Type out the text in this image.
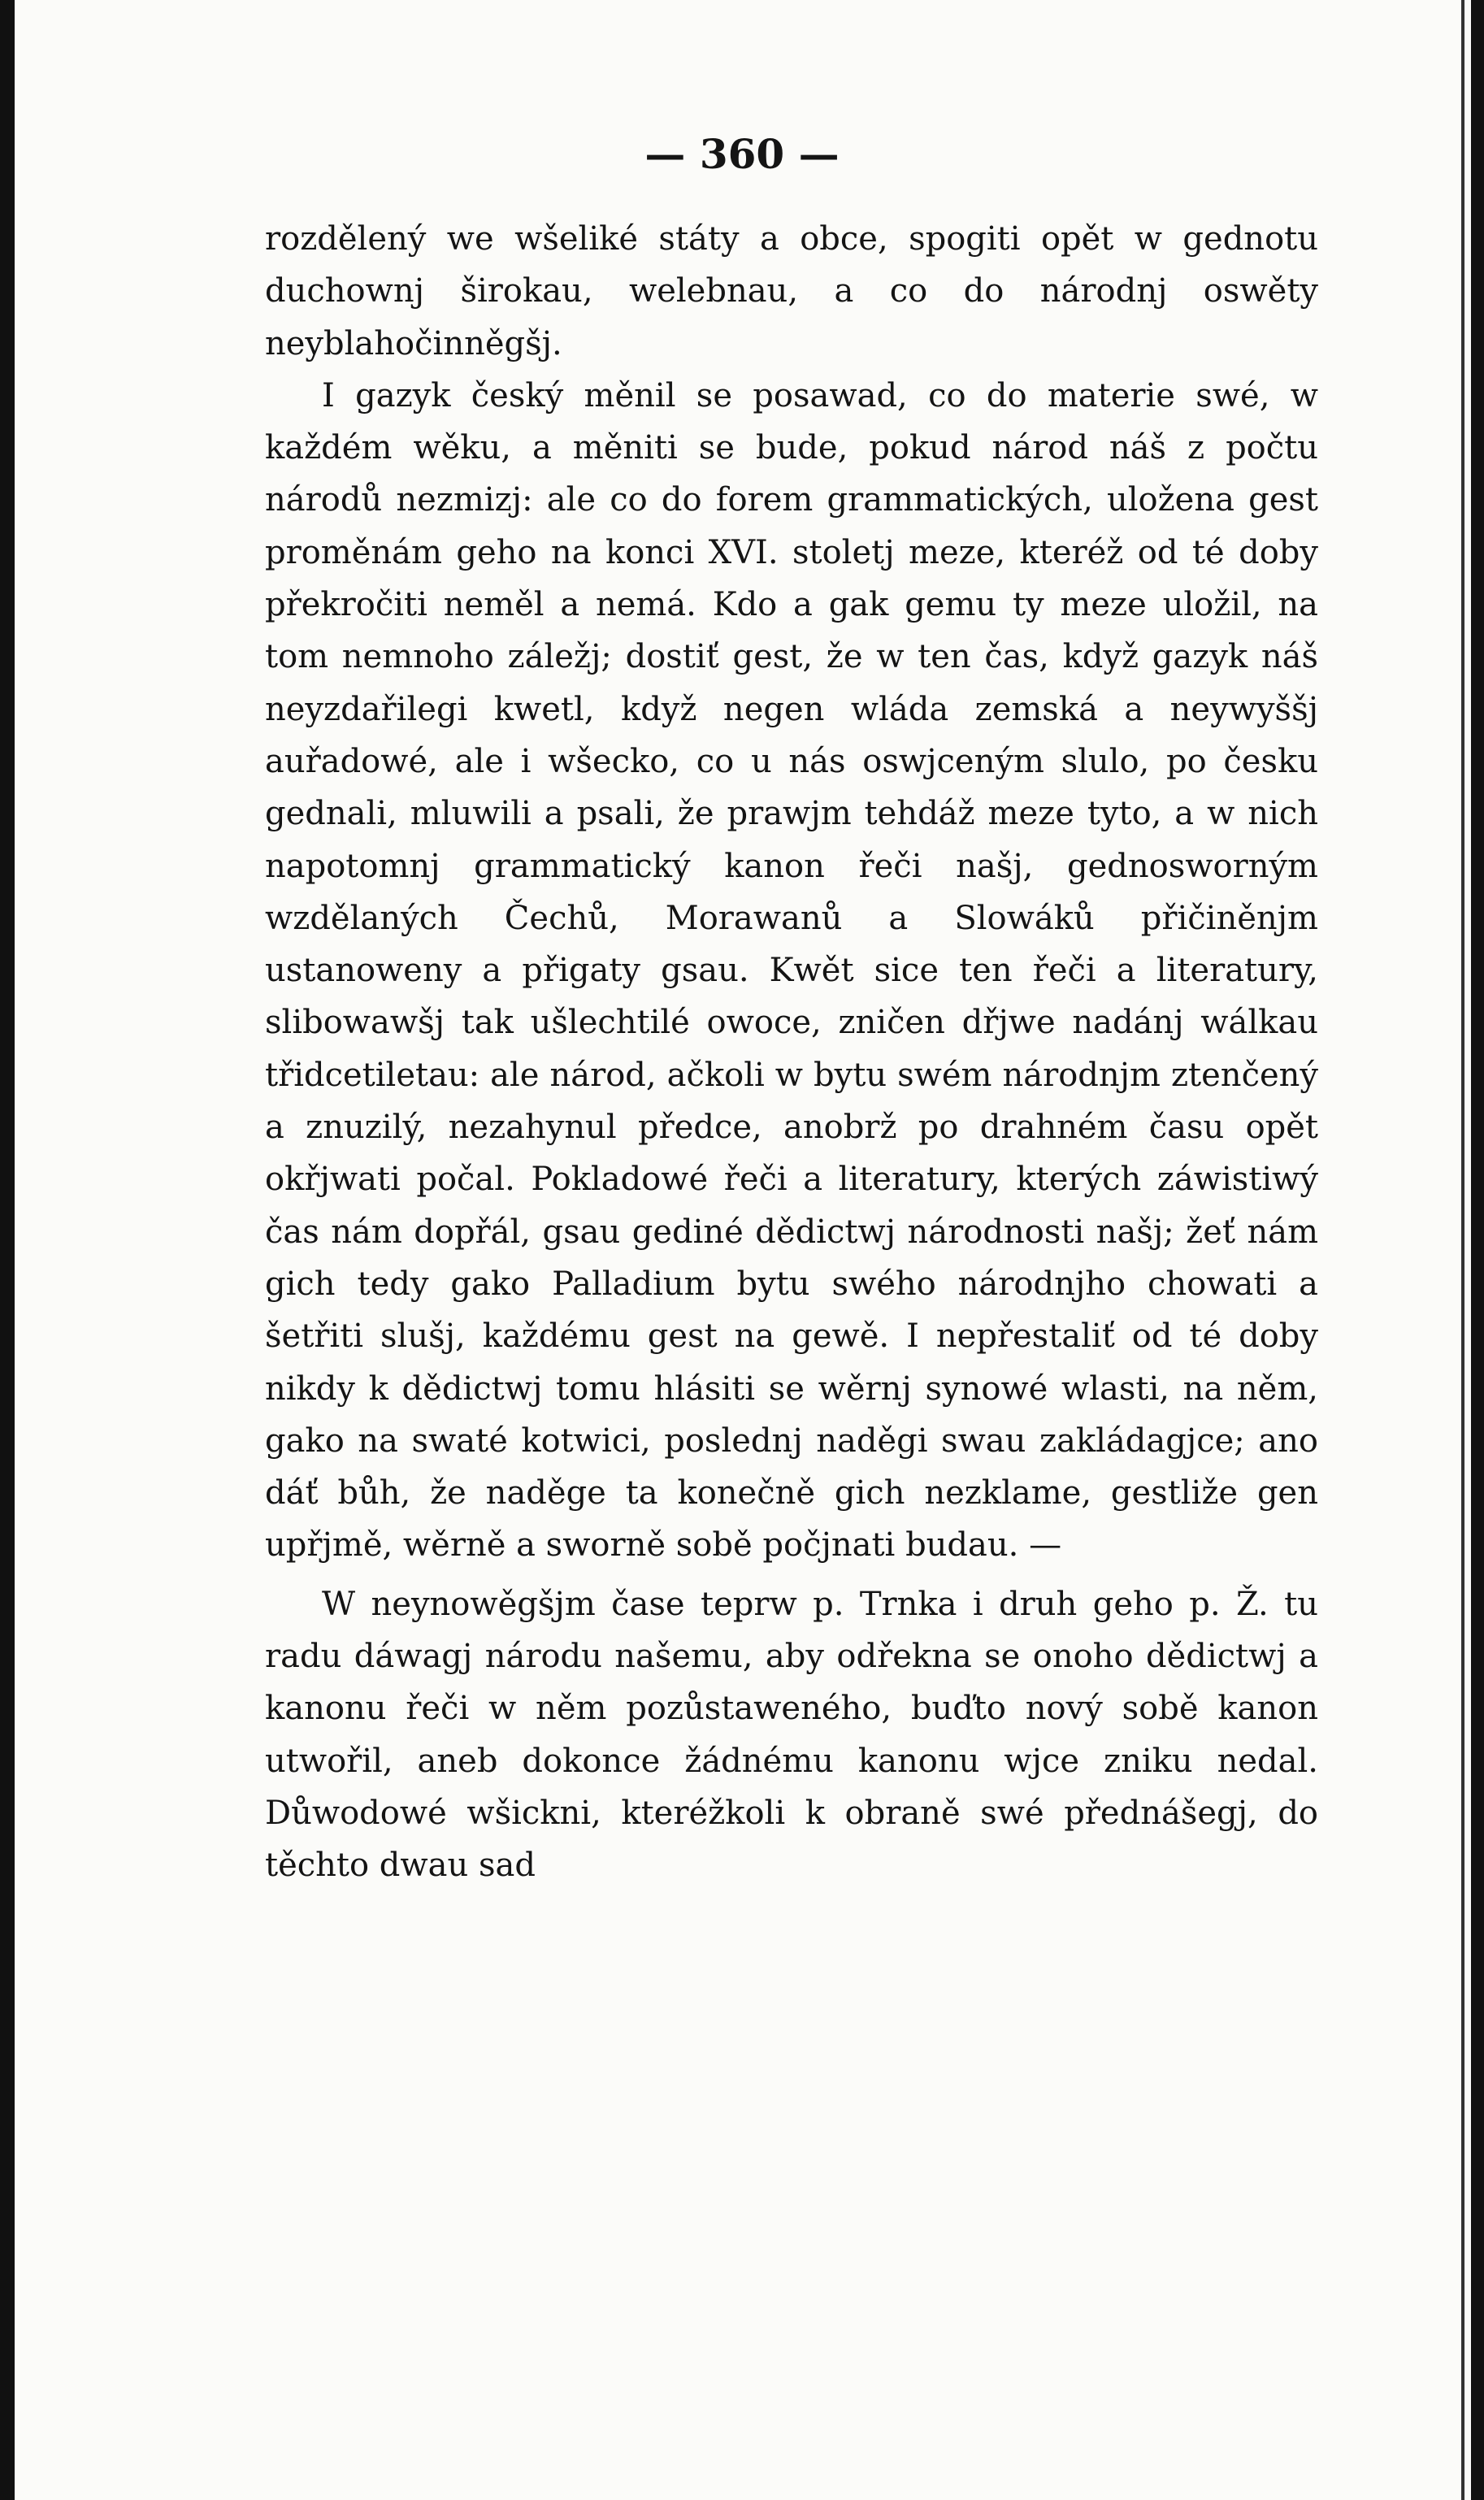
— 360 —

rozdělený we wšeliké státy a obce, spogiti opět w gednotu duchownj širokau, welebnau, a co do národnj oswěty neyblahočinněgšj.

I gazyk český měnil se posawad, co do materie swé, w každém wěku, a měniti se bude, pokud národ náš z počtu národů nezmizj: ale co do forem grammatických, uložena gest proměnám geho na konci XVI. stoletj meze, kteréž od té doby překročiti neměl a nemá. Kdo a gak gemu ty meze uložil, na tom nemnoho záležj; dostiť gest, že w ten čas, když gazyk náš neyzdařilegi kwetl, když negen wláda zemská a neywyššj auřadowé, ale i wšecko, co u nás oswjceným slulo, po česku gednali, mluwili a psali, že prawjm tehdáž meze tyto, a w nich napotomnj grammatický kanon řeči našj, gednosworným wzdělaných Čechů, Morawanů a Slowáků přičiněnjm ustanoweny a přigaty gsau. Kwět sice ten řeči a literatury, slibowawšj tak ušlechtilé owoce, zničen dřjwe nadánj wálkau třidcetiletau: ale národ, ačkoli w bytu swém národnjm ztenčený a znuzilý, nezahynul předce, anobrž po drahném času opět okřjwati počal. Pokladowé řeči a literatury, kterých záwistiwý čas nám dopřál, gsau gediné dědictwj národnosti našj; žeť nám gich tedy gako Palladium bytu swého národnjho chowati a šetřiti slušj, každému gest na gewě. I nepřestaliť od té doby nikdy k dědictwj tomu hlásiti se wěrnj synowé wlasti, na něm, gako na swaté kotwici, poslednj naděgi swau zakládagjce; ano dáť bůh, že naděge ta konečně gich nezklame, gestliže gen upřjmě, wěrně a sworně sobě počjnati budau. —

W neynowěgšjm čase teprw p. Trnka i druh geho p. Ž. tu radu dáwagj národu našemu, aby odřekna se onoho dědictwj a kanonu řeči w něm pozůstaweného, buďto nový sobě kanon utwořil, aneb dokonce žádnému kanonu wjce zniku nedal. Důwodowé wšickni, kteréžkoli k obraně swé přednášegj, do těchto dwau sad
